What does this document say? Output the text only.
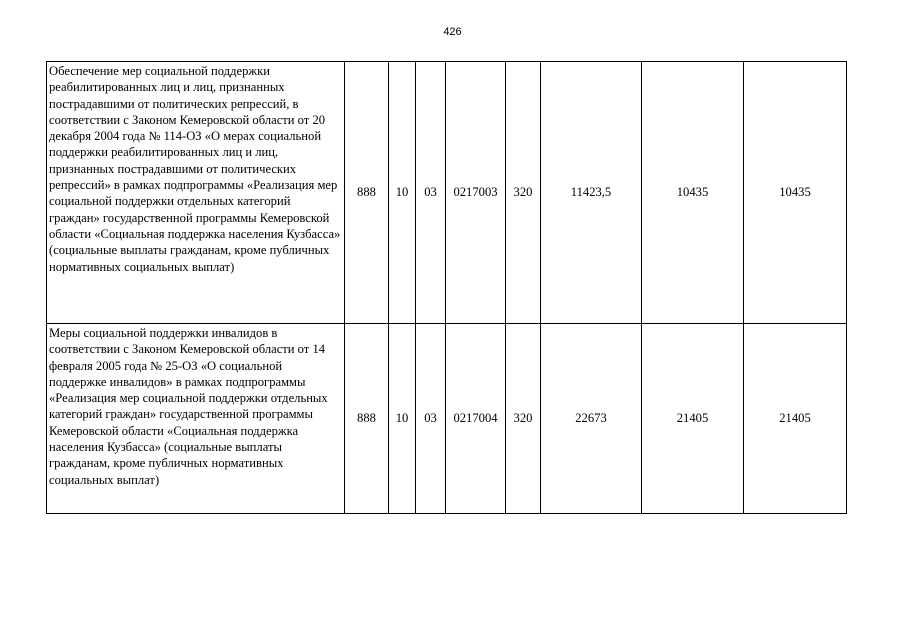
426
Обеспечение мер социальной поддержки реабилитированных лиц и лиц, признанных пострадавшими от политических репрессий, в соответствии с Законом Кемеровской области от 20 декабря 2004 года № 114-ОЗ «О мерах социальной поддержки реабилитированных лиц и лиц, признанных пострадавшими от политических репрессий» в рамках подпрограммы «Реализация мер социальной поддержки отдельных категорий граждан» государственной программы Кемеровской области «Социальная поддержка населения Кузбасса» (социальные выплаты гражданам, кроме публичных нормативных социальных выплат)	888	10	03	0217003	320	11423,5	10435	10435
Меры социальной поддержки инвалидов в соответствии с Законом Кемеровской области от 14 февраля 2005 года № 25-ОЗ «О социальной поддержке инвалидов» в рамках подпрограммы «Реализация мер социальной поддержки отдельных категорий граждан» государственной программы Кемеровской области «Социальная поддержка населения Кузбасса» (социальные выплаты гражданам, кроме публичных нормативных социальных выплат)	888	10	03	0217004	320	22673	21405	21405
